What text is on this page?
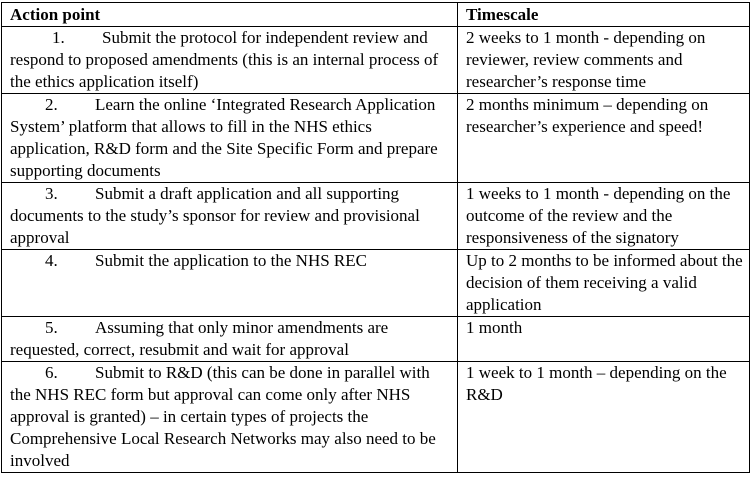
Action point	Timescale
1. Submit the protocol for independent review and respond to proposed amendments (this is an internal process of the ethics application itself)	2 weeks to 1 month - depending on reviewer, review comments and researcher’s response time
2. Learn the online ‘Integrated Research Application System’ platform that allows to fill in the NHS ethics application, R&D form and the Site Specific Form and prepare supporting documents	2 months minimum – depending on researcher’s experience and speed!
3. Submit a draft application and all supporting documents to the study’s sponsor for review and provisional approval	1 weeks to 1 month - depending on the outcome of the review and the responsiveness of the signatory
4. Submit the application to the NHS REC	Up to 2 months to be informed about the decision of them receiving a valid application
5. Assuming that only minor amendments are requested, correct, resubmit and wait for approval	1 month
6. Submit to R&D (this can be done in parallel with the NHS REC form but approval can come only after NHS approval is granted) – in certain types of projects the Comprehensive Local Research Networks may also need to be involved	1 week to 1 month – depending on the R&D
